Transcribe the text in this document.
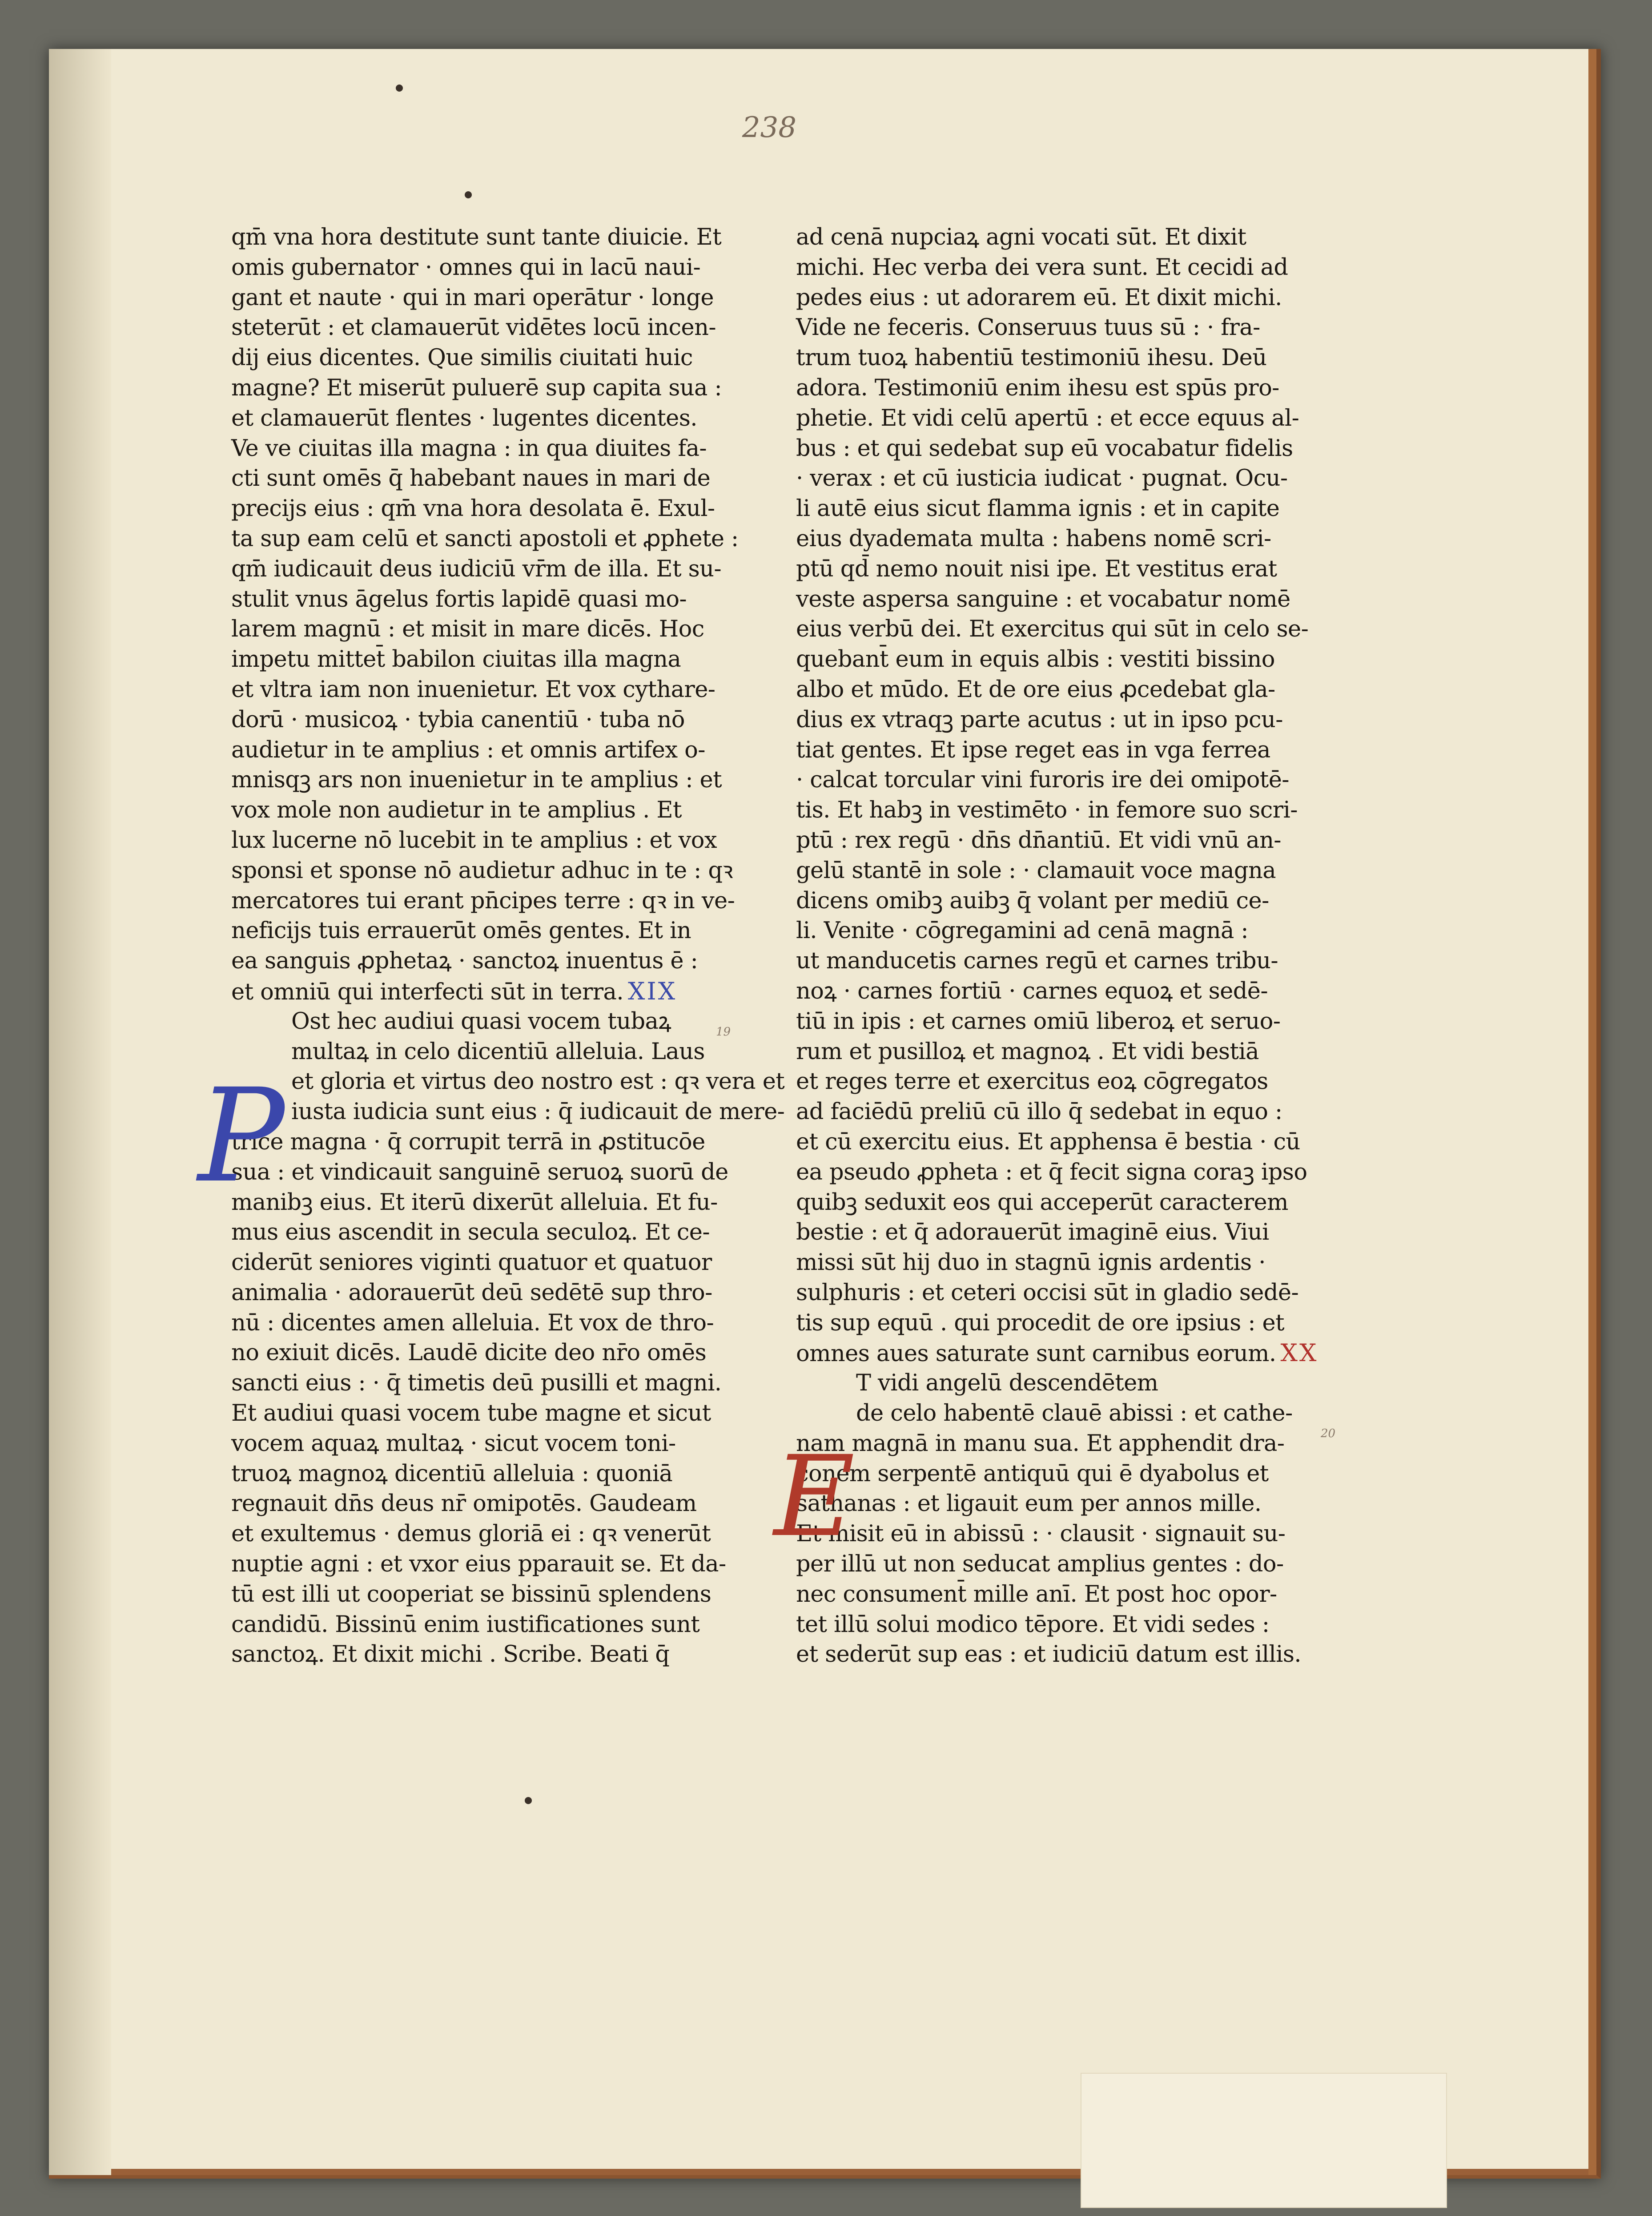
238

qm̄ vna hora destitute sunt tante diuicie. Et
omis gubernator · omnes qui in lacū naui-
gant et naute · qui in mari operātur · longe
steterūt : et clamauerūt vidētes locū incen-
dij eius dicentes. Que similis ciuitati huic
magne? Et miserūt puluerē sup capita sua :
et clamauerūt flentes · lugentes dicentes.
Ve ve ciuitas illa magna : in qua diuites fa-
cti sunt omēs q̄ habebant naues in mari de
precijs eius : qm̄ vna hora desolata ē. Exul-
ta sup eam celū et sancti apostoli et ꝓphete :
qm̄ iudicauit deus iudiciū vr̄m de illa. Et su-
stulit vnus āgelus fortis lapidē quasi mo-
larem magnū : et misit in mare dicēs. Hoc
impetu mittet̄ babilon ciuitas illa magna
et vltra iam non inuenietur. Et vox cythare-
dorū · musicoꝝ · tybia canentiū · tuba nō
audietur in te amplius : et omnis artifex o-
mnisqꝫ ars non inuenietur in te amplius : et
vox mole non audietur in te amplius . Et
lux lucerne nō lucebit in te amplius : et vox
sponsi et sponse nō audietur adhuc in te : qꝛ
mercatores tui erant pn̄cipes terre : qꝛ in ve-
neficijs tuis errauerūt omēs gentes. Et in
ea sanguis ꝓphetaꝝ · sanctoꝝ inuentus ē :
et omniū qui interfecti sūt in terra. XIX
Ost hec audiui quasi vocem tubaꝝ
multaꝝ in celo dicentiū alleluia. Laus
et gloria et virtus deo nostro est : qꝛ vera et
iusta iudicia sunt eius : q̄ iudicauit de mere-
trice magna · q̄ corrupit terrā in ꝓstitucōe
sua : et vindicauit sanguinē seruoꝝ suorū de
manibꝫ eius. Et iterū dixerūt alleluia. Et fu-
mus eius ascendit in secula seculoꝝ. Et ce-
ciderūt seniores viginti quatuor et quatuor
animalia · adorauerūt deū sedētē sup thro-
nū : dicentes amen alleluia. Et vox de thro-
no exiuit dicēs. Laudē dicite deo nr̄o omēs
sancti eius : · q̄ timetis deū pusilli et magni.
Et audiui quasi vocem tube magne et sicut
vocem aquaꝝ multaꝝ · sicut vocem toni-
truoꝝ magnoꝝ dicentiū alleluia : quoniā
regnauit dn̄s deus nr̄ omipotēs. Gaudeam
et exultemus · demus gloriā ei : qꝛ venerūt
nuptie agni : et vxor eius pparauit se. Et da-
tū est illi ut cooperiat se bissinū splendens
candidū. Bissinū enim iustificationes sunt
sanctoꝝ. Et dixit michi . Scribe. Beati q̄
ad cenā nupciaꝝ agni vocati sūt. Et dixit
michi. Hec verba dei vera sunt. Et cecidi ad
pedes eius : ut adorarem eū. Et dixit michi.
Vide ne feceris. Conseruus tuus sū : · fra-
trum tuoꝝ habentiū testimoniū ihesu. Deū
adora. Testimoniū enim ihesu est spūs pro-
phetie. Et vidi celū apertū : et ecce equus al-
bus : et qui sedebat sup eū vocabatur fidelis
· verax : et cū iusticia iudicat · pugnat. Ocu-
li autē eius sicut flamma ignis : et in capite
eius dyademata multa : habens nomē scri-
ptū qd̄ nemo nouit nisi ipe. Et vestitus erat
veste aspersa sanguine : et vocabatur nomē
eius verbū dei. Et exercitus qui sūt in celo se-
quebant̄ eum in equis albis : vestiti bissino
albo et mūdo. Et de ore eius ꝓcedebat gla-
dius ex vtraqꝫ parte acutus : ut in ipso pcu-
tiat gentes. Et ipse reget eas in vga ferrea
· calcat torcular vini furoris ire dei omipotē-
tis. Et habꝫ in vestimēto · in femore suo scri-
ptū : rex regū · dn̄s dn̄antiū. Et vidi vnū an-
gelū stantē in sole : · clamauit voce magna
dicens omibꝫ auibꝫ q̄ volant per mediū ce-
li. Venite · cōgregamini ad cenā magnā :
ut manducetis carnes regū et carnes tribu-
noꝝ · carnes fortiū · carnes equoꝝ et sedē-
tiū in ipis : et carnes omiū liberoꝝ et seruo-
rum et pusilloꝝ et magnoꝝ . Et vidi bestiā
et reges terre et exercitus eoꝝ cōgregatos
ad faciēdū preliū cū illo q̄ sedebat in equo :
et cū exercitu eius. Et apphensa ē bestia · cū
ea pseudo ꝓpheta : et q̄ fecit signa coraꝫ ipso
quibꝫ seduxit eos qui acceperūt caracterem
bestie : et q̄ adorauerūt imaginē eius. Viui
missi sūt hij duo in stagnū ignis ardentis ·
sulphuris : et ceteri occisi sūt in gladio sedē-
tis sup equū . qui procedit de ore ipsius : et
omnes aues saturate sunt carnibus eorum. XX
T vidi angelū descendētem
de celo habentē clauē abissi : et cathe-
nam magnā in manu sua. Et apphendit dra-
conem serpentē antiquū qui ē dyabolus et
sathanas : et ligauit eum per annos mille.
Et misit eū in abissū : · clausit · signauit su-
per illū ut non seducat amplius gentes : do-
nec consument̄ mille anī. Et post hoc opor-
tet illū solui modico tēpore. Et vidi sedes :
et sederūt sup eas : et iudiciū datum est illis.
P
E
19
20
